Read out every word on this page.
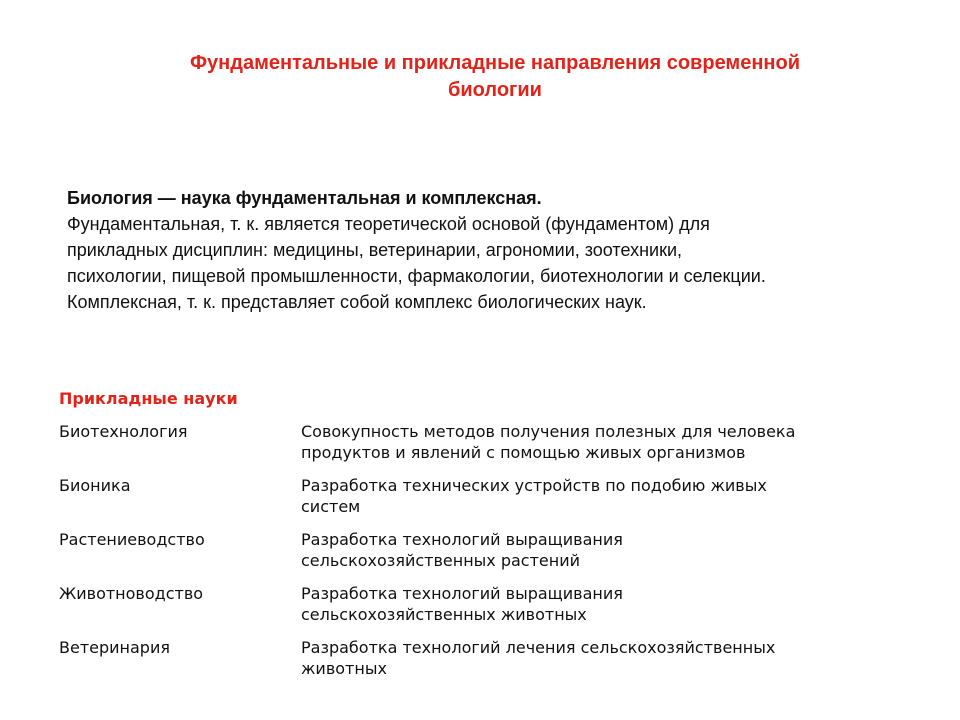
Фундаментальные и прикладные направления современной
биологии
Биология — наука фундаментальная и комплексная.
Фундаментальная, т. к. является теоретической основой (фундаментом) для
прикладных дисциплин: медицины, ветеринарии, агрономии, зоотехники,
психологии, пищевой промышленности, фармакологии, биотехнологии и селекции.
Комплексная, т. к. представляет собой комплекс биологических наук.
Прикладные науки
Биотехнология	Совокупность методов получения полезных для человека
продуктов и явлений с помощью живых организмов
Бионика	Разработка технических устройств по подобию живых
систем
Растениеводство	Разработка технологий выращивания
сельскохозяйственных растений
Животноводство	Разработка технологий выращивания
сельскохозяйственных животных
Ветеринария	Разработка технологий лечения сельскохозяйственных
животных
